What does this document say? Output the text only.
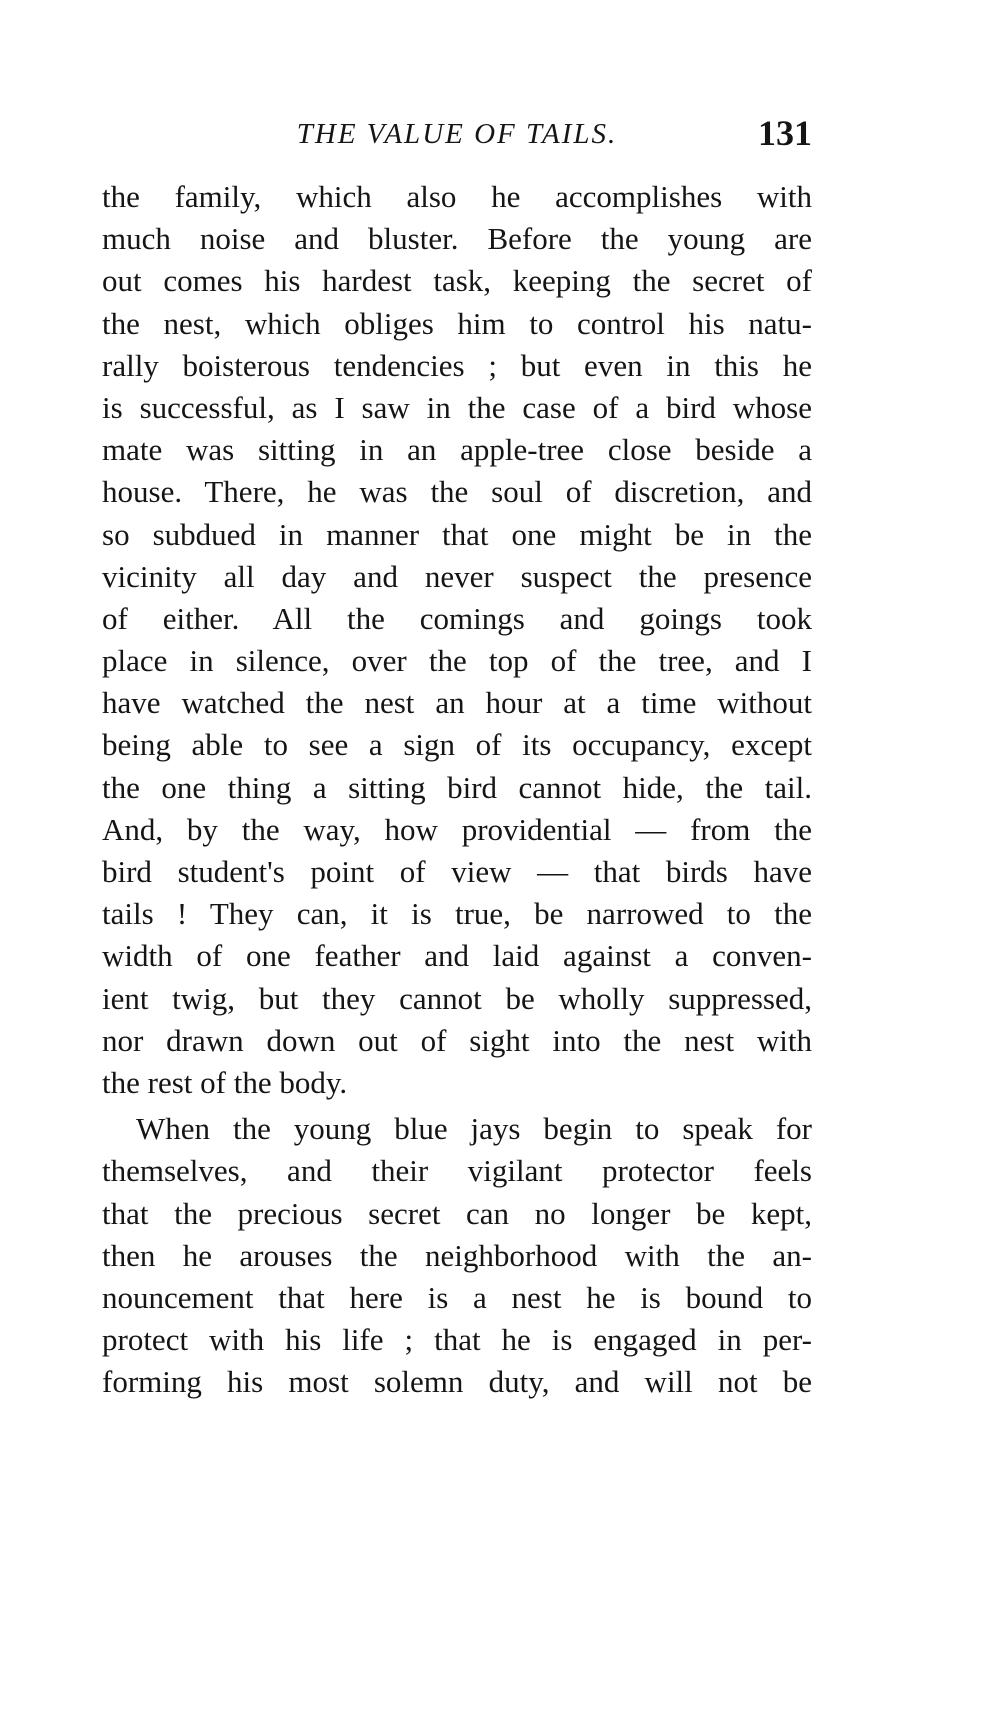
THE VALUE OF TAILS.	131
the family, which also he accomplishes with
much noise and bluster. Before the young are
out comes his hardest task, keeping the secret of
the nest, which obliges him to control his natu-
rally boisterous tendencies ; but even in this he
is successful, as I saw in the case of a bird whose
mate was sitting in an apple-tree close beside a
house. There, he was the soul of discretion, and
so subdued in manner that one might be in the
vicinity all day and never suspect the presence
of either. All the comings and goings took
place in silence, over the top of the tree, and I
have watched the nest an hour at a time without
being able to see a sign of its occupancy, except
the one thing a sitting bird cannot hide, the tail.
And, by the way, how providential — from the
bird student's point of view — that birds have
tails ! They can, it is true, be narrowed to the
width of one feather and laid against a conven-
ient twig, but they cannot be wholly suppressed,
nor drawn down out of sight into the nest with
the rest of the body.
When the young blue jays begin to speak for
themselves, and their vigilant protector feels
that the precious secret can no longer be kept,
then he arouses the neighborhood with the an-
nouncement that here is a nest he is bound to
protect with his life ; that he is engaged in per-
forming his most solemn duty, and will not be
